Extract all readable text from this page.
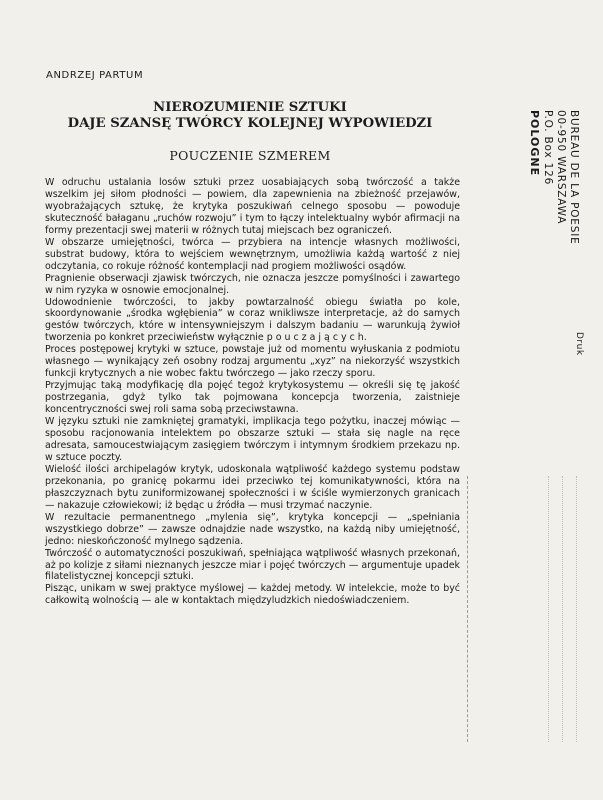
ANDRZEJ PARTUM
NIEROZUMIENIE SZTUKI
DAJE SZANSĘ TWÓRCY KOLEJNEJ WYPOWIEDZI
POUCZENIE SZMEREM

W odruchu ustalania losów sztuki przez uosabiających sobą twórczość a także wszelkim jej siłom płodności — powiem, dla zapewnienia na zbieżność przejawów, wyobrażających sztukę, że krytyka poszukiwań celnego sposobu — powoduje skuteczność bałaganu „ruchów rozwoju” i tym to łączy intelektualny wybór afirmacji na formy prezentacji swej materii w różnych tutaj miejscach bez ograniczeń.

W obszarze umiejętności, twórca — przybiera na intencje własnych możliwości, substrat budowy, która to wejściem wewnętrznym, umożliwia każdą wartość z niej odczytania, co rokuje różność kontemplacji nad progiem możliwości osądów.

Pragnienie obserwacji zjawisk twórczych, nie oznacza jeszcze pomyślności i zawartego w nim ryzyka w osnowie emocjonalnej.

Udowodnienie twórczości, to jakby powtarzalność obiegu światła po kole, skoordynowanie „środka wgłębienia” w coraz wnikliwsze interpretacje, aż do samych gestów twórczych, które w intensywniejszym i dalszym badaniu — warunkują żywioł tworzenia po konkret przeciwieństw wyłącznie p o u c z a j ą c y c h.

Proces postępowej krytyki w sztuce, powstaje już od momentu wyłuskania z podmiotu własnego — wynikający zeń osobny rodzaj argumentu „xyz” na niekorzyść wszystkich funkcji krytycznych a nie wobec faktu twórczego — jako rzeczy sporu.

Przyjmując taką modyfikację dla pojęć tegoż krytykosystemu — określi się tę jakość postrzegania, gdyż tylko tak pojmowana koncepcja tworzenia, zaistnieje koncentryczności swej roli sama sobą przeciwstawna.

W języku sztuki nie zamkniętej gramatyki, implikacja tego pożytku, inaczej mówiąc — sposobu racjonowania intelektem po obszarze sztuki — stała się nagle na ręce adresata, samoucestwiającym zasięgiem twórczym i intymnym środkiem przekazu np. w sztuce poczty.

Wielość ilości archipelagów krytyk, udoskonala wątpliwość każdego systemu podstaw przekonania, po granicę pokarmu idei przeciwko tej komunikatywności, która na płaszczyznach bytu zuniformizowanej społeczności i w ściśle wymierzonych granicach — nakazuje człowiekowi; iż będąc u źródła — musi trzymać naczynie.

W rezultacie permanentnego „mylenia się”, krytyka koncepcji — „spełniania wszystkiego dobrze” — zawsze odnajdzie nade wszystko, na każdą niby umiejętność, jedno: nieskończoność mylnego sądzenia.

Twórczość o automatyczności poszukiwań, spełniająca wątpliwość własnych przekonań, aż po kolizje z siłami nieznanych jeszcze miar i pojęć twórczych — argumentuje upadek filatelistycznej koncepcji sztuki.

Pisząc, unikam w swej praktyce myślowej — każdej metody. W intelekcie, może to być całkowitą wolnością — ale w kontaktach międzyludzkich niedoświadczeniem.

BUREAU DE LA POESIE
00-950 WARSZAWA
P.O. Box 126
POLOGNE
Druk
